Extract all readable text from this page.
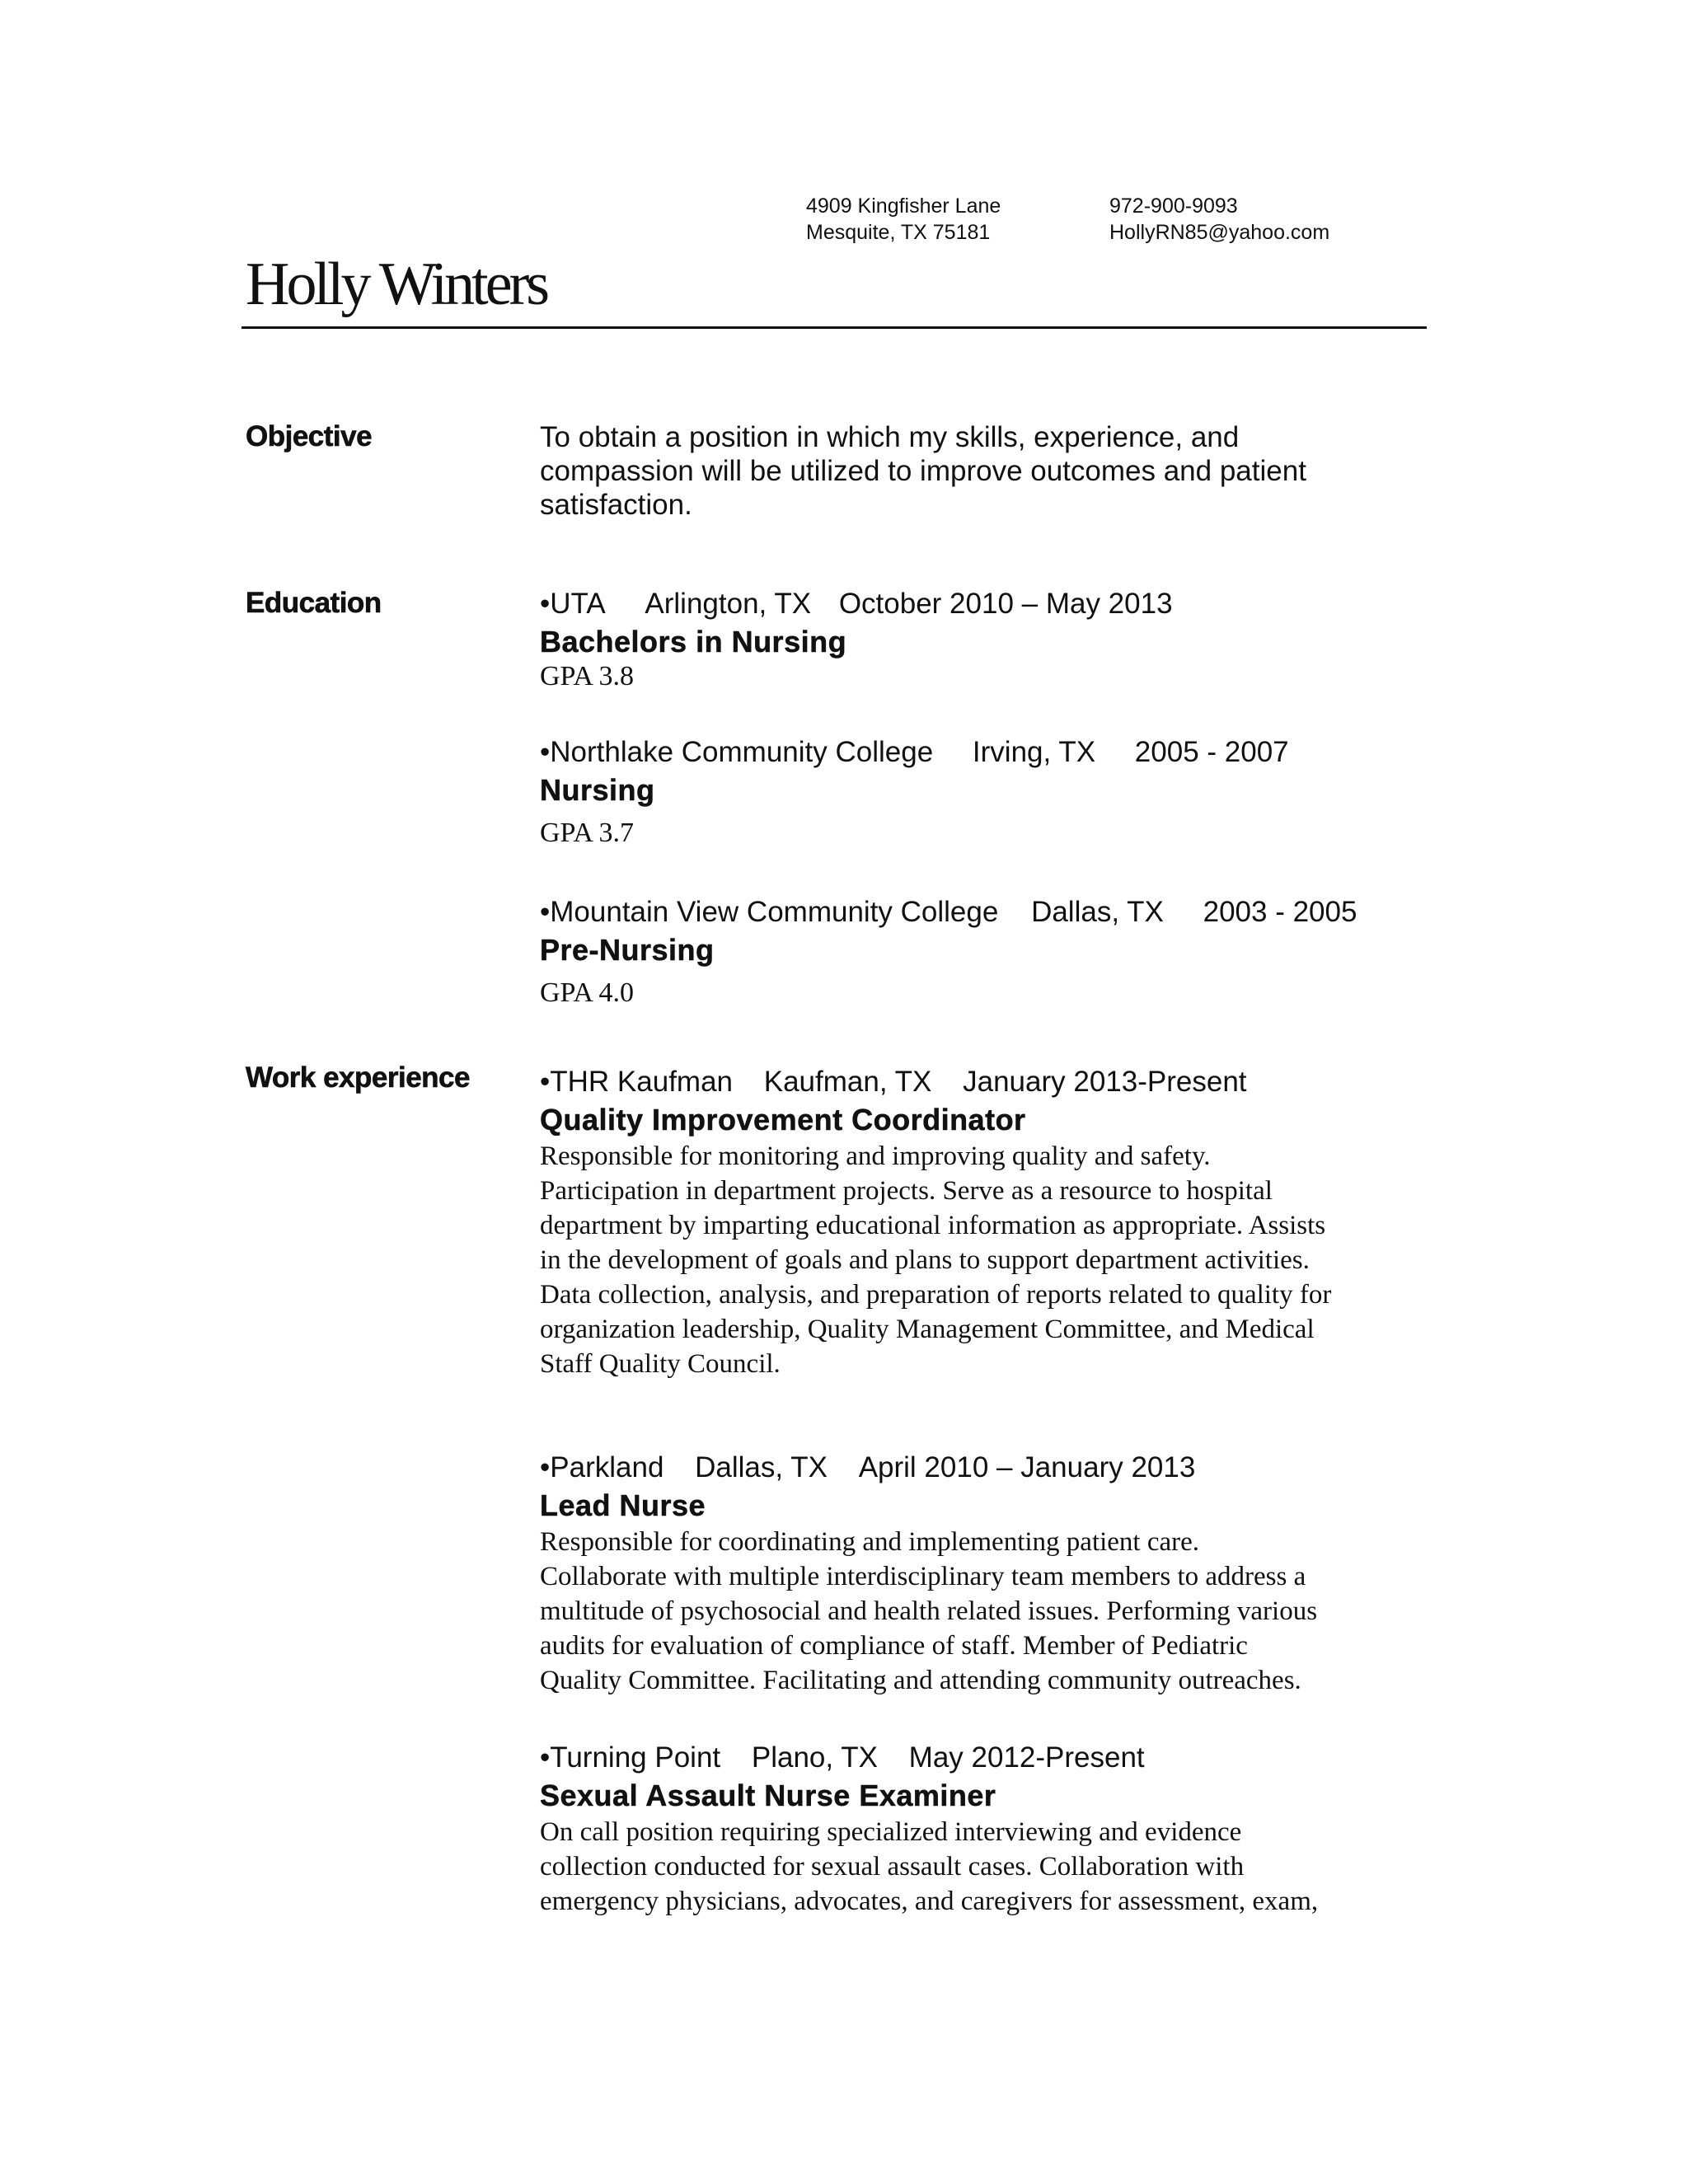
4909 Kingfisher Lane
Mesquite, TX 75181
972-900-9093
HollyRN85@yahoo.com
Holly Winters
Objective	To obtain a position in which my skills, experience, and
compassion will be utilized to improve outcomes and patient
satisfaction.
Education	•UTA Arlington, TX October 2010 – May 2013
Bachelors in Nursing
GPA 3.8
•Northlake Community College Irving, TX 2005 - 2007
Nursing
GPA 3.7
•Mountain View Community College Dallas, TX 2003 - 2005
Pre-Nursing
GPA 4.0
Work experience •THR Kaufman Kaufman, TX January 2013-Present
Quality Improvement Coordinator
Responsible for monitoring and improving quality and safety.
Participation in department projects. Serve as a resource to hospital
department by imparting educational information as appropriate. Assists
in the development of goals and plans to support department activities.
Data collection, analysis, and preparation of reports related to quality for
organization leadership, Quality Management Committee, and Medical
Staff Quality Council.
•Parkland Dallas, TX April 2010 – January 2013
Lead Nurse
Responsible for coordinating and implementing patient care.
Collaborate with multiple interdisciplinary team members to address a
multitude of psychosocial and health related issues. Performing various
audits for evaluation of compliance of staff. Member of Pediatric
Quality Committee. Facilitating and attending community outreaches.
•Turning Point Plano, TX May 2012-Present
Sexual Assault Nurse Examiner
On call position requiring specialized interviewing and evidence
collection conducted for sexual assault cases. Collaboration with
emergency physicians, advocates, and caregivers for assessment, exam,
